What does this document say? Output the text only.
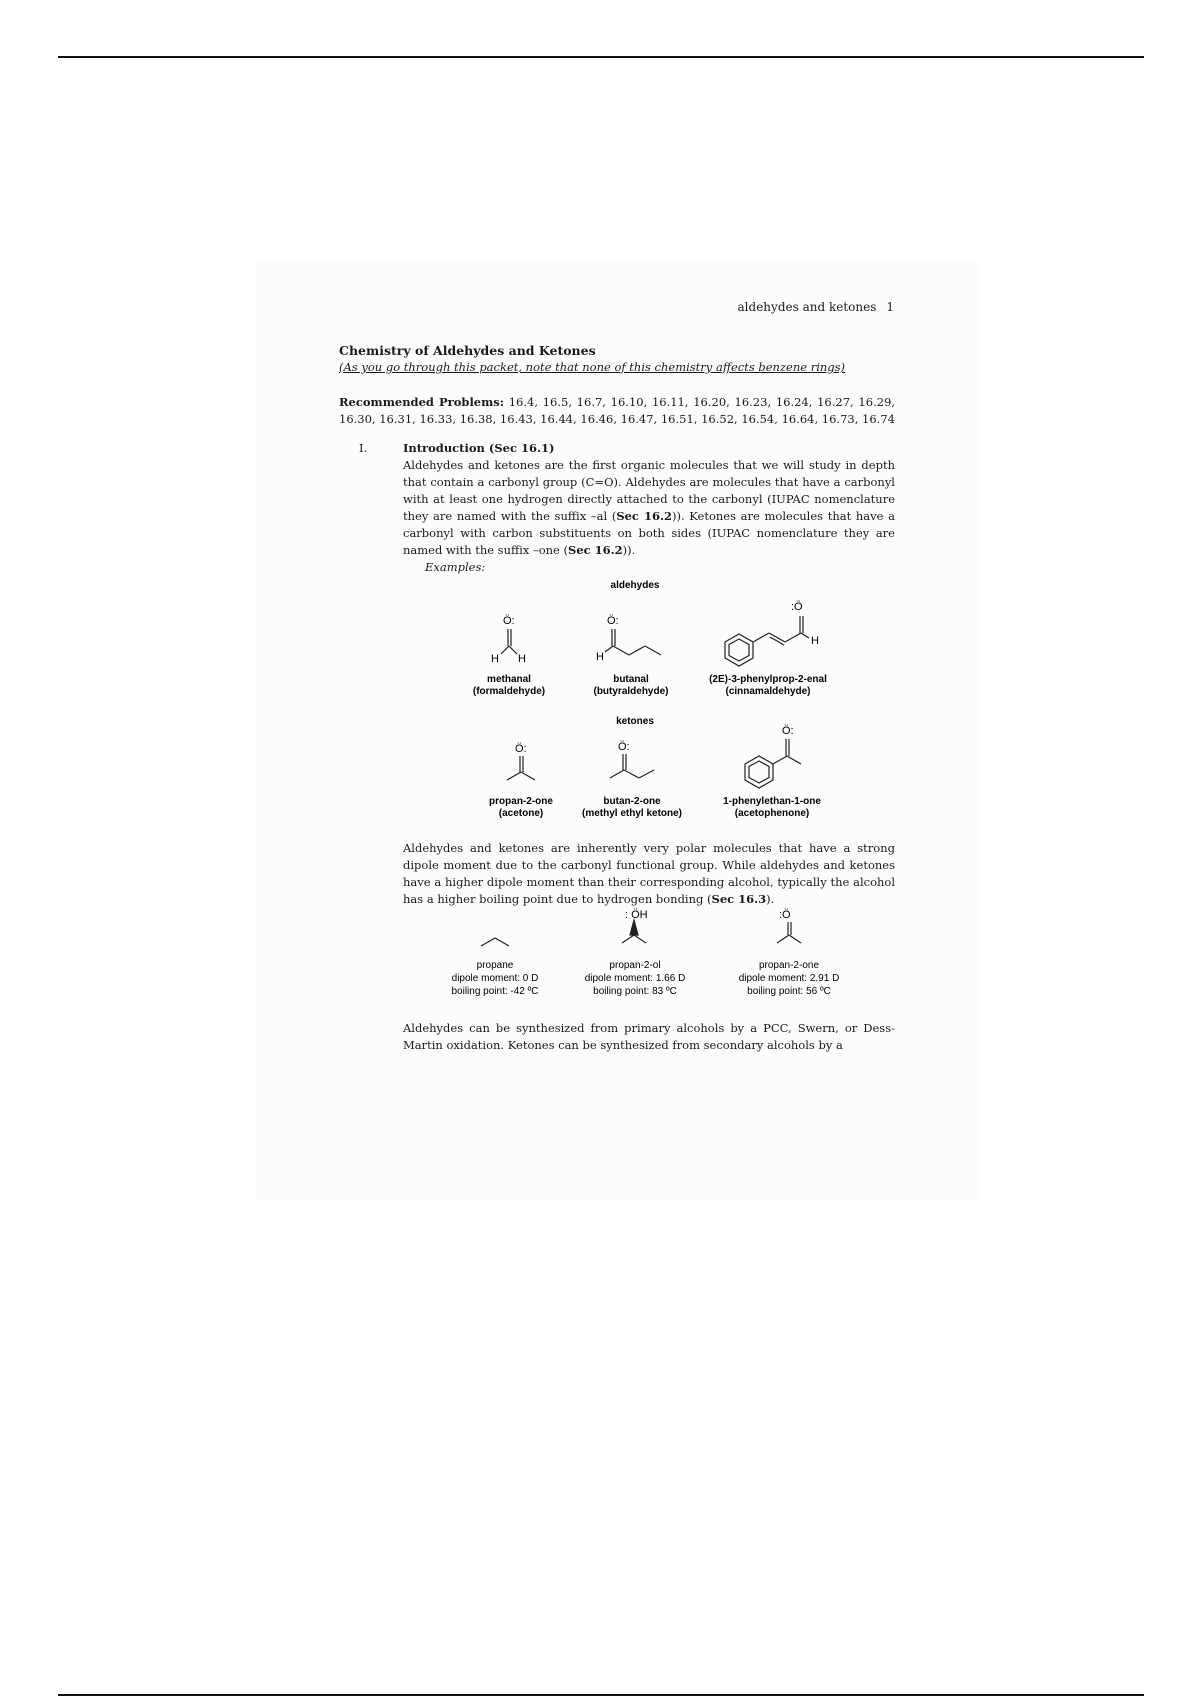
aldehydes and ketones 1
Chemistry of Aldehydes and Ketones
(As you go through this packet, note that none of this chemistry affects benzene rings)
Recommended Problems: 16.4, 16.5, 16.7, 16.10, 16.11, 16.20, 16.23, 16.24, 16.27, 16.29, 16.30, 16.31, 16.33, 16.38, 16.43, 16.44, 16.46, 16.47, 16.51, 16.52, 16.54, 16.64, 16.73, 16.74
I.	Introduction (Sec 16.1)
Aldehydes and ketones are the first organic molecules that we will study in depth that contain a carbonyl group (C=O). Aldehydes are molecules that have a carbonyl with at least one hydrogen directly attached to the carbonyl (IUPAC nomenclature they are named with the suffix –al (Sec 16.2)). Ketones are molecules that have a carbonyl with carbon substituents on both sides (IUPAC nomenclature they are named with the suffix –one (Sec 16.2)).
Examples:
aldehydes
Ö:
H H
Ö:
H
:Ö
H
methanal
(formaldehyde)
butanal
(butyraldehyde)
(2E)-3-phenylprop-2-enal
(cinnamaldehyde)
ketones
Ö:	Ö:
Ö:
propan-2-one
(acetone)
butan-2-one
(methyl ethyl ketone)
1-phenylethan-1-one
(acetophenone)
Aldehydes and ketones are inherently very polar molecules that have a strong dipole moment due to the carbonyl functional group. While aldehydes and ketones have a higher dipole moment than their corresponding alcohol, typically the alcohol has a higher boiling point due to hydrogen bonding (Sec 16.3).
: ÖH	:Ö
propane
dipole moment: 0 D
boiling point: -42 ºC
propan-2-ol
dipole moment: 1.66 D
boiling point: 83 ºC
propan-2-one
dipole moment: 2.91 D
boiling point: 56 ºC
Aldehydes can be synthesized from primary alcohols by a PCC, Swern, or Dess-Martin oxidation. Ketones can be synthesized from secondary alcohols by a
